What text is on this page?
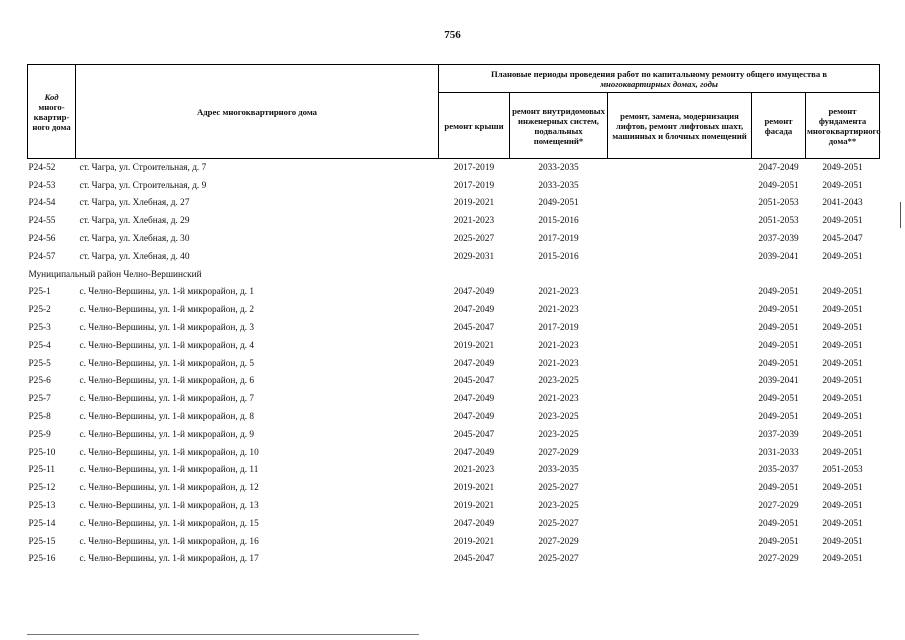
756
Код
много-квартир-ного дома	Адрес многоквартирного дома	Плановые периоды проведения работ по капитальному ремонту общего имущества в
многоквартирных домах, годы				
		ремонт крыши	ремонт внутридомовых инженерных систем, подвальных помещений*	ремонт, замена, модернизация лифтов, ремонт лифтовых шахт, машинных и блочных помещений	ремонт фасада	ремонт фундамента многоквартирного дома**
P24-52	ст. Чагра, ул. Строительная, д. 7	2017-2019	2033-2035		2047-2049	2049-2051
P24-53	ст. Чагра, ул. Строительная, д. 9	2017-2019	2033-2035		2049-2051	2049-2051
P24-54	ст. Чагра, ул. Хлебная, д. 27	2019-2021	2049-2051		2051-2053	2041-2043
P24-55	ст. Чагра, ул. Хлебная, д. 29	2021-2023	2015-2016		2051-2053	2049-2051
P24-56	ст. Чагра, ул. Хлебная, д. 30	2025-2027	2017-2019		2037-2039	2045-2047
P24-57	ст. Чагра, ул. Хлебная, д. 40	2029-2031	2015-2016		2039-2041	2049-2051
Муниципальный район Челно-Вершинский						
P25-1	с. Челно-Вершины, ул. 1-й микрорайон, д. 1	2047-2049	2021-2023		2049-2051	2049-2051
P25-2	с. Челно-Вершины, ул. 1-й микрорайон, д. 2	2047-2049	2021-2023		2049-2051	2049-2051
P25-3	с. Челно-Вершины, ул. 1-й микрорайон, д. 3	2045-2047	2017-2019		2049-2051	2049-2051
P25-4	с. Челно-Вершины, ул. 1-й микрорайон, д. 4	2019-2021	2021-2023		2049-2051	2049-2051
P25-5	с. Челно-Вершины, ул. 1-й микрорайон, д. 5	2047-2049	2021-2023		2049-2051	2049-2051
P25-6	с. Челно-Вершины, ул. 1-й микрорайон, д. 6	2045-2047	2023-2025		2039-2041	2049-2051
P25-7	с. Челно-Вершины, ул. 1-й микрорайон, д. 7	2047-2049	2021-2023		2049-2051	2049-2051
P25-8	с. Челно-Вершины, ул. 1-й микрорайон, д. 8	2047-2049	2023-2025		2049-2051	2049-2051
P25-9	с. Челно-Вершины, ул. 1-й микрорайон, д. 9	2045-2047	2023-2025		2037-2039	2049-2051
P25-10	с. Челно-Вершины, ул. 1-й микрорайон, д. 10	2047-2049	2027-2029		2031-2033	2049-2051
P25-11	с. Челно-Вершины, ул. 1-й микрорайон, д. 11	2021-2023	2033-2035		2035-2037	2051-2053
P25-12	с. Челно-Вершины, ул. 1-й микрорайон, д. 12	2019-2021	2025-2027		2049-2051	2049-2051
P25-13	с. Челно-Вершины, ул. 1-й микрорайон, д. 13	2019-2021	2023-2025		2027-2029	2049-2051
P25-14	с. Челно-Вершины, ул. 1-й микрорайон, д. 15	2047-2049	2025-2027		2049-2051	2049-2051
P25-15	с. Челно-Вершины, ул. 1-й микрорайон, д. 16	2019-2021	2027-2029		2049-2051	2049-2051
P25-16	с. Челно-Вершины, ул. 1-й микрорайон, д. 17	2045-2047	2025-2027		2027-2029	2049-2051
